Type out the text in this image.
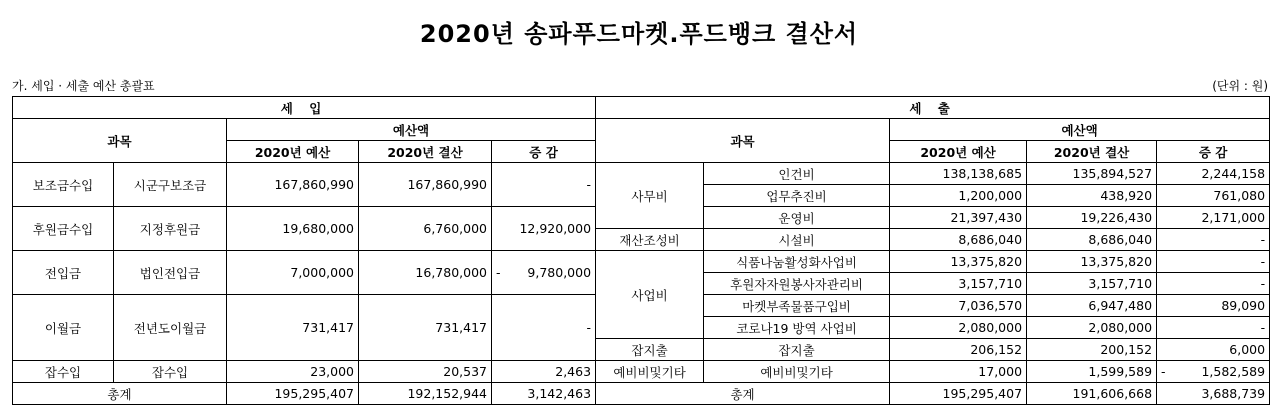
2020년 송파푸드마켓.푸드뱅크 결산서
가. 세입 · 세출 예산 총괄표	(단위 : 원)
세 입					세 출				
과목		예산액			과목		예산액		
		2020년 예산	2020년 결산	증 감			2020년 예산	2020년 결산	증 감
보조금수입	시군구보조금	167,860,990	167,860,990	-	사무비	인건비	138,138,685	135,894,527	2,244,158
						업무추진비	1,200,000	438,920	761,080
후원금수입	지정후원금	19,680,000	6,760,000	12,920,000		운영비	21,397,430	19,226,430	2,171,000
					재산조성비	시설비	8,686,040	8,686,040	-
전입금	법인전입금	7,000,000	16,780,000	- 9,780,000	사업비	식품나눔활성화사업비	13,375,820	13,375,820	-
						후원자자원봉사자관리비	3,157,710	3,157,710	-
이월금	전년도이월금	731,417	731,417	-		마켓부족물품구입비	7,036,570	6,947,480	89,090
						코로나19 방역 사업비	2,080,000	2,080,000	-
					잡지출	잡지출	206,152	200,152	6,000
잡수입	잡수입	23,000	20,537	2,463	예비비및기타	예비비및기타	17,000	1,599,589	- 1,582,589

총계		195,295,407	192,152,944	3,142,463	총계		195,295,407	191,606,668	3,688,739
